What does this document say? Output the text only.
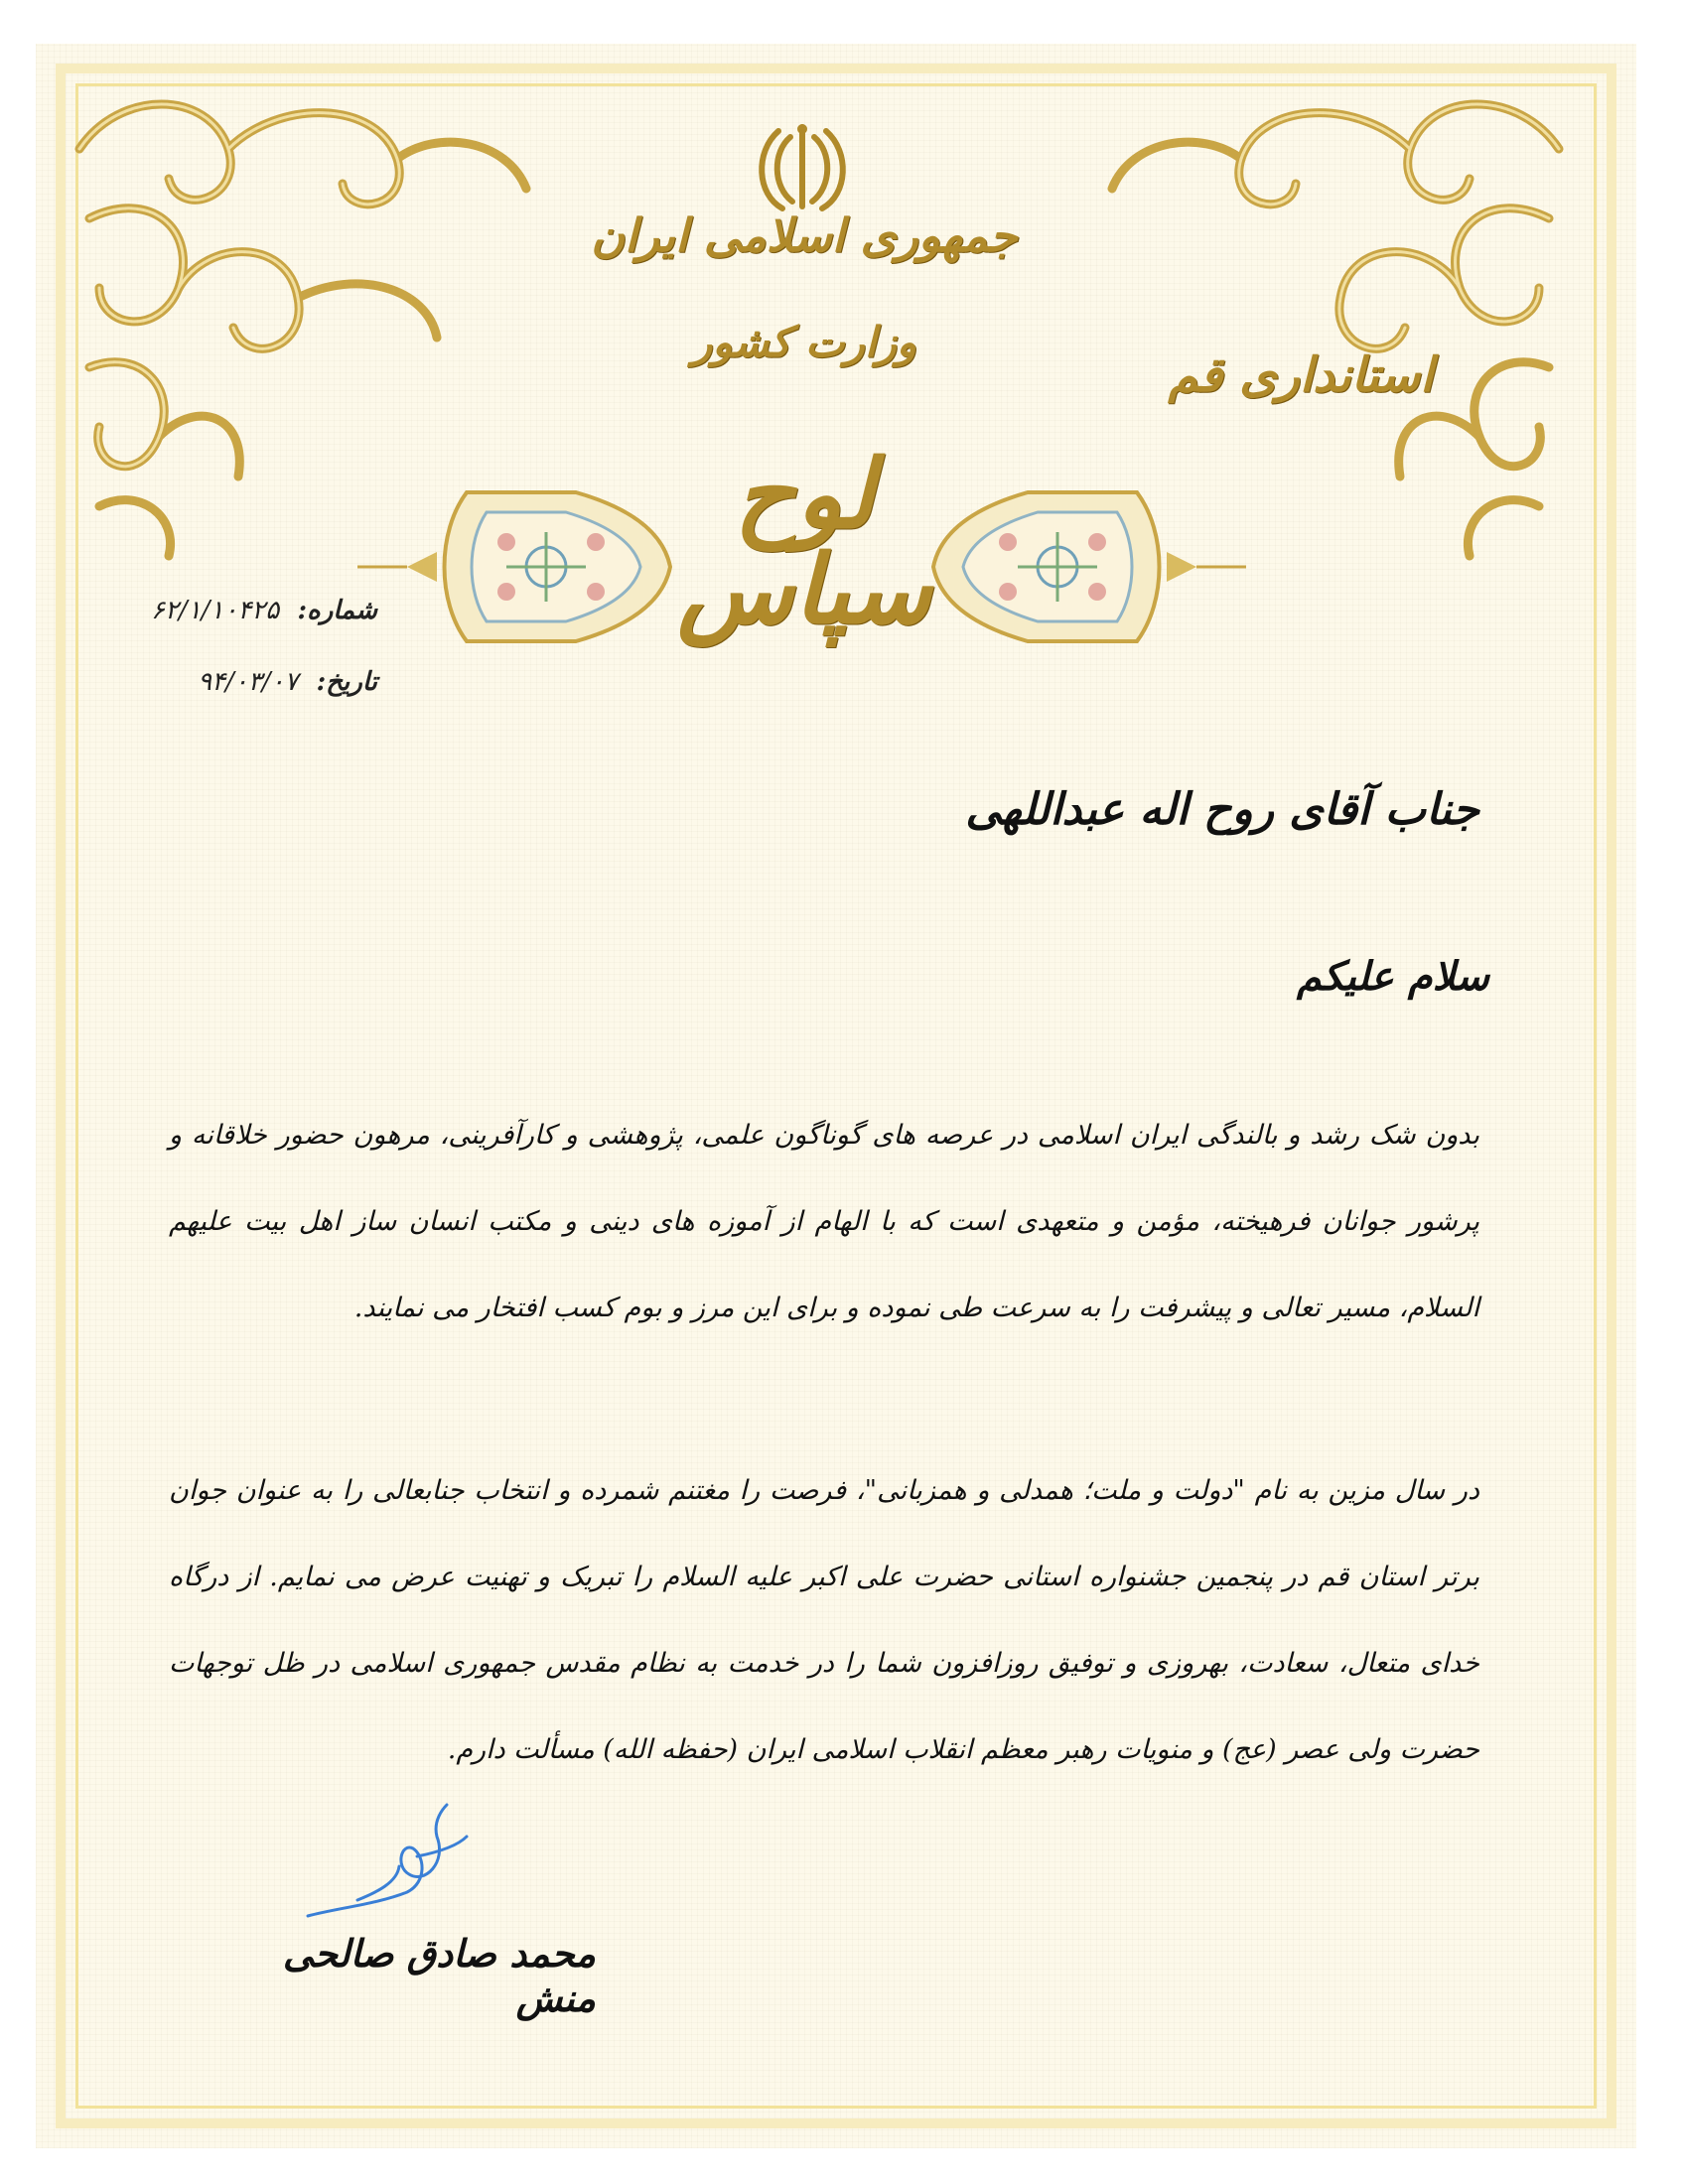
جمهوری اسلامی ایران
وزارت کشور
استانداری قم
لوح سپاس
شماره: ۶۲/۱/۱۰۴۲۵
تاریخ: ۹۴/۰۳/۰۷
جناب آقای روح اله عبداللهی
سلام علیکم
بدون شک رشد و بالندگی ایران اسلامی در عرصه های گوناگون علمی، پژوهشی و کارآفرینی، مرهون حضور خلاقانه و پرشور جوانان فرهیخته، مؤمن و متعهدی است که با الهام از آموزه های دینی و مکتب انسان ساز اهل بیت علیهم السلام، مسیر تعالی و پیشرفت را به سرعت طی نموده و برای این مرز و بوم کسب افتخار می نمایند.
در سال مزین به نام "دولت و ملت؛ همدلی و همزبانی"، فرصت را مغتنم شمرده و انتخاب جنابعالی را به عنوان جوان برتر استان قم در پنجمین جشنواره استانی حضرت علی اکبر علیه السلام را تبریک و تهنیت عرض می نمایم. از درگاه خدای متعال، سعادت، بهروزی و توفیق روزافزون شما را در خدمت به نظام مقدس جمهوری اسلامی در ظل توجهات حضرت ولی عصر (عج) و منویات رهبر معظم انقلاب اسلامی ایران (حفظه الله) مسألت دارم.
محمد صادق صالحی منش
